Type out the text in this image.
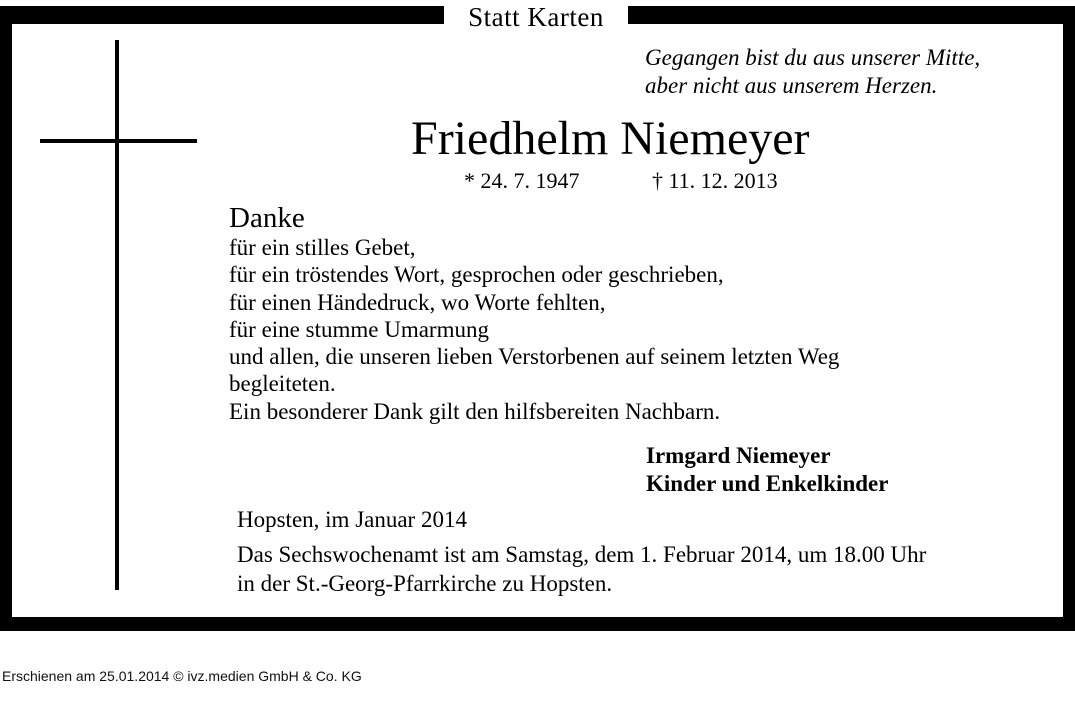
Statt Karten
Gegangen bist du aus unserer Mitte,
aber nicht aus unserem Herzen.
Friedhelm Niemeyer
* 24. 7. 1947	† 11. 12. 2013
Danke
für ein stilles Gebet,
für ein tröstendes Wort, gesprochen oder geschrieben,
für einen Händedruck, wo Worte fehlten,
für eine stumme Umarmung
und allen, die unseren lieben Verstorbenen auf seinem letzten Weg
begleiteten.
Ein besonderer Dank gilt den hilfsbereiten Nachbarn.
Irmgard Niemeyer
Kinder und Enkelkinder
Hopsten, im Januar 2014
Das Sechswochenamt ist am Samstag, dem 1. Februar 2014, um 18.00 Uhr
in der St.-Georg-Pfarrkirche zu Hopsten.
Erschienen am 25.01.2014 © ivz.medien GmbH & Co. KG
